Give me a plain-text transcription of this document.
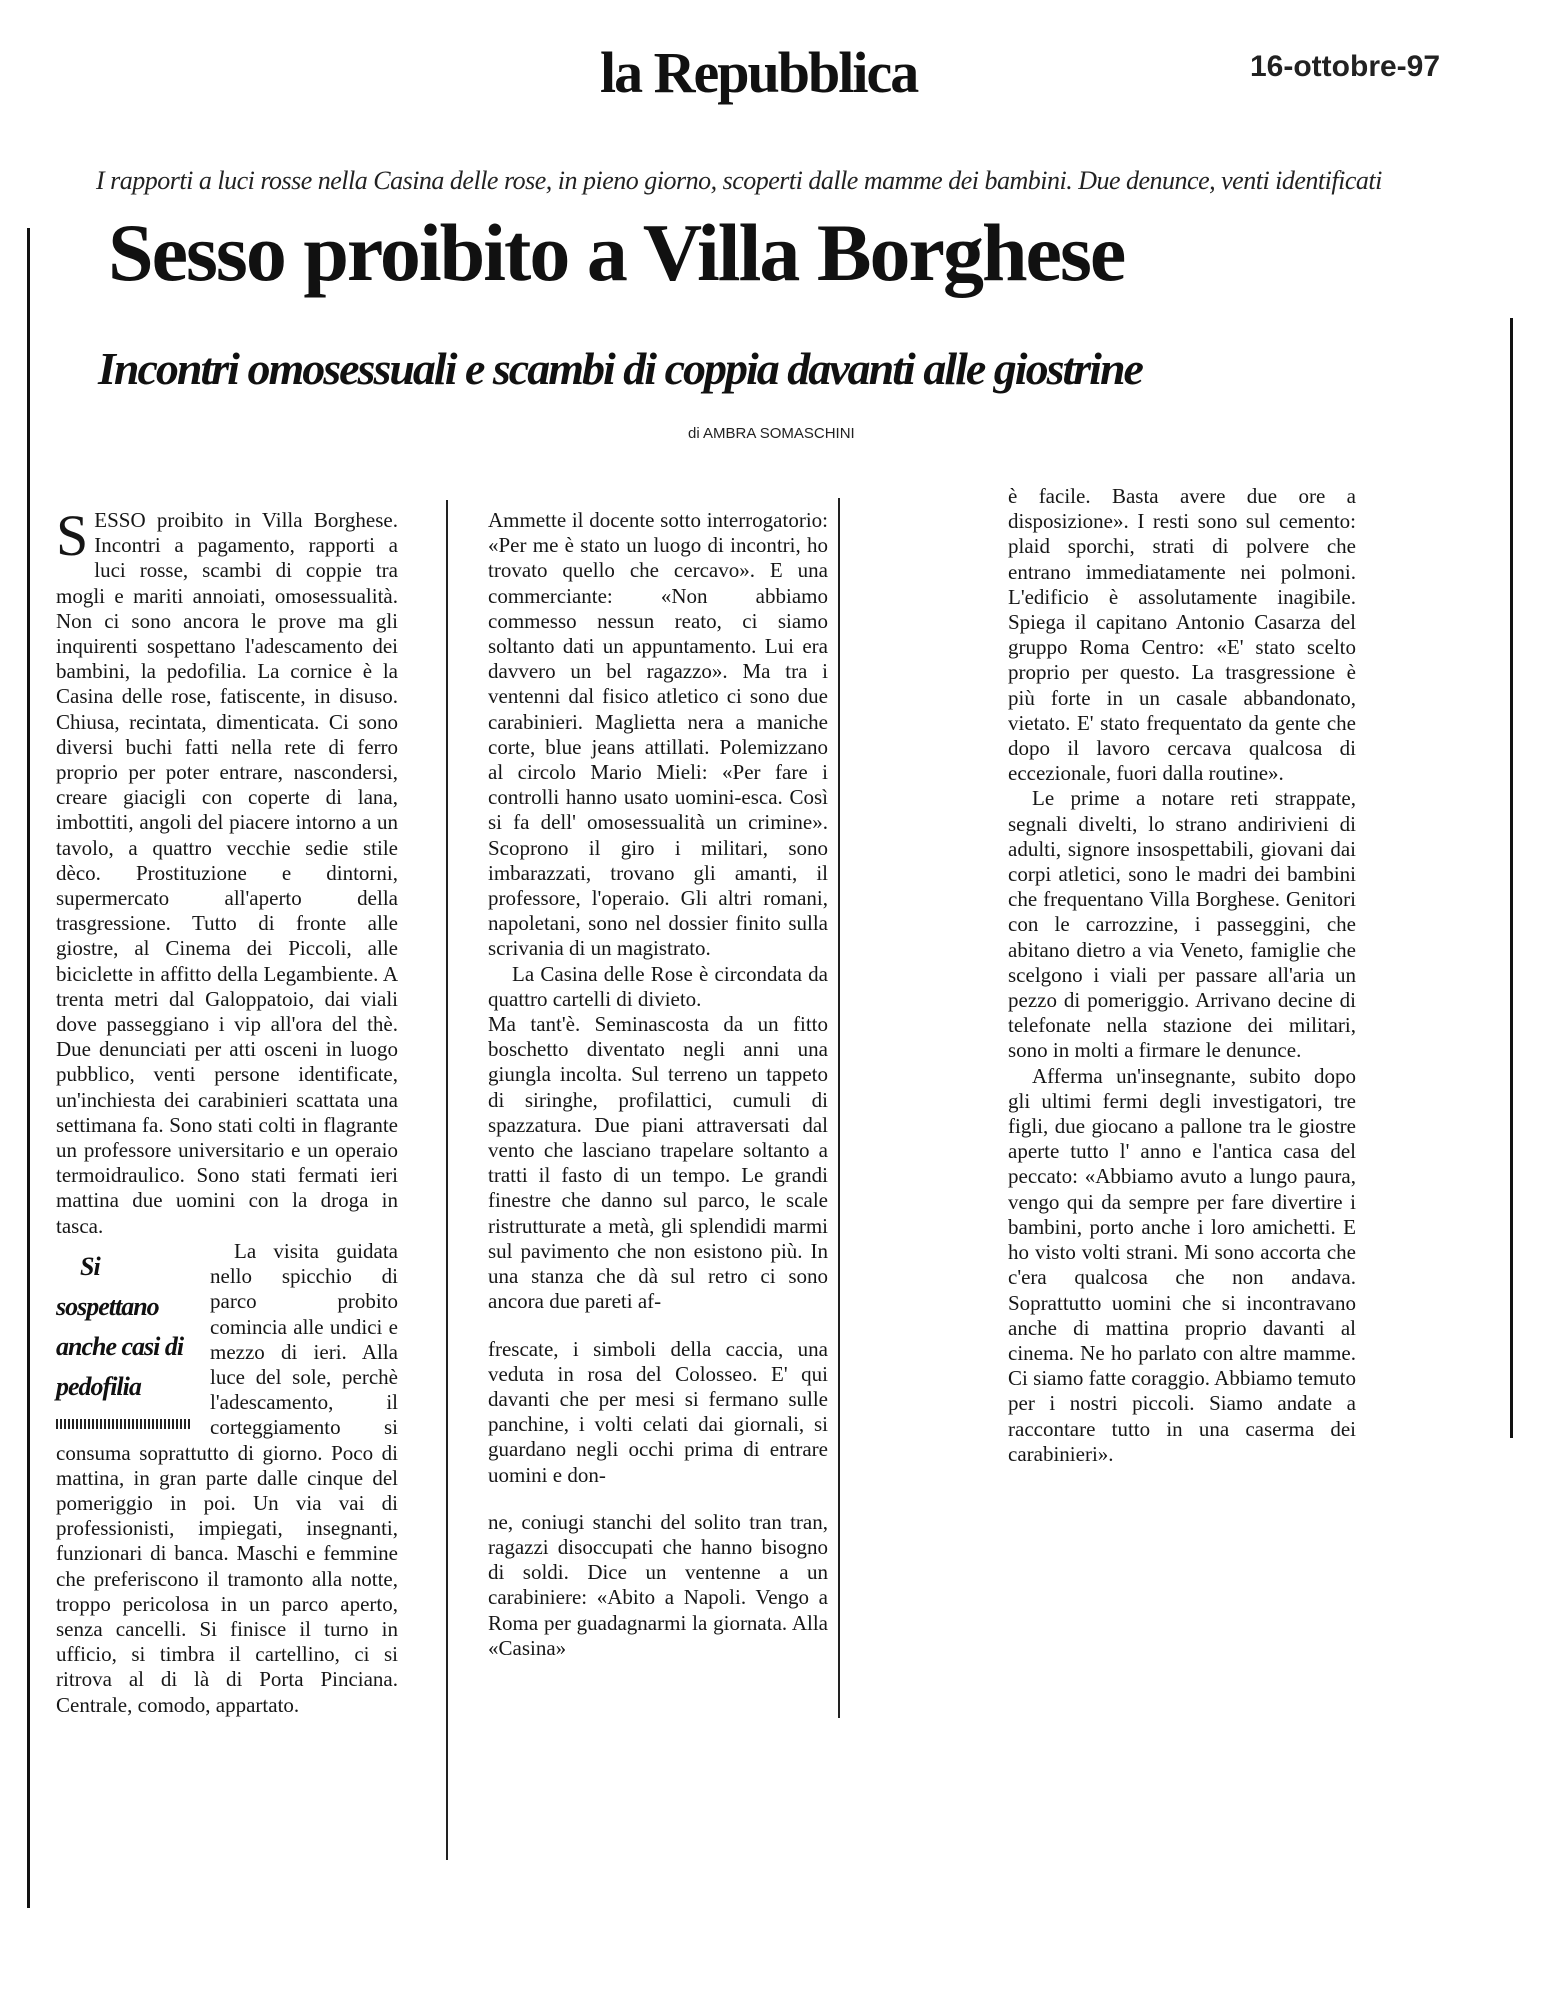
la Repubblica	16-ottobre-97
I rapporti a luci rosse nella Casina delle rose, in pieno giorno, scoperti dalle mamme dei bambini. Due denunce, venti identificati
Sesso proibito a Villa Borghese
Incontri omosessuali e scambi di coppia davanti alle giostrine
di AMBRA SOMASCHINI

SESSO proibito in Villa Borghese. Incontri a pagamento, rapporti a luci rosse, scambi di coppie tra mogli e mariti annoiati, omosessualità. Non ci sono ancora le prove ma gli inquirenti sospettano l'adescamento dei bambini, la pedofilia. La cornice è la Casina delle rose, fatiscente, in disuso. Chiusa, recintata, dimenticata. Ci sono diversi buchi fatti nella rete di ferro proprio per poter entrare, nascondersi, creare giacigli con coperte di lana, imbottiti, angoli del piacere intorno a un tavolo, a quattro vecchie sedie stile dèco. Prostituzione e dintorni, supermercato all'aperto della trasgressione. Tutto di fronte alle giostre, al Cinema dei Piccoli, alle biciclette in affitto della Legambiente. A trenta metri dal Galoppatoio, dai viali dove passeggiano i vip all'ora del thè. Due denunciati per atti osceni in luogo pubblico, venti persone identificate, un'inchiesta dei carabinieri scattata una settimana fa. Sono stati colti in flagrante un professore universitario e un operaio termoidraulico. Sono stati fermati ieri mattina due uomini con la droga in tasca.

Si sospettano anche casi di pedofilia
La visita guidata nello spicchio di parco probito comincia alle undici e mezzo di ieri. Alla luce del sole, perchè l'adescamento, il corteggiamento si consuma soprattutto di giorno. Poco di mattina, in gran parte dalle cinque del pomeriggio in poi. Un via vai di professionisti, impiegati, insegnanti, funzionari di banca. Maschi e femmine che preferiscono il tramonto alla notte, troppo pericolosa in un parco aperto, senza cancelli. Si finisce il turno in ufficio, si timbra il cartellino, ci si ritrova al di là di Porta Pinciana. Centrale, comodo, appartato.

Ammette il docente sotto interrogatorio: «Per me è stato un luogo di incontri, ho trovato quello che cercavo». E una commerciante: «Non abbiamo commesso nessun reato, ci siamo soltanto dati un appuntamento. Lui era davvero un bel ragazzo». Ma tra i ventenni dal fisico atletico ci sono due carabinieri. Maglietta nera a maniche corte, blue jeans attillati. Polemizzano al circolo Mario Mieli: «Per fare i controlli hanno usato uomini-esca. Così si fa dell' omosessualità un crimine». Scoprono il giro i militari, sono imbarazzati, trovano gli amanti, il professore, l'operaio. Gli altri romani, napoletani, sono nel dossier finito sulla scrivania di un magistrato.

La Casina delle Rose è circondata da quattro cartelli di divieto.

Ma tant'è. Seminascosta da un fitto boschetto diventato negli anni una giungla incolta. Sul terreno un tappeto di siringhe, profilattici, cumuli di spazzatura. Due piani attraversati dal vento che lasciano trapelare soltanto a tratti il fasto di un tempo. Le grandi finestre che danno sul parco, le scale ristrutturate a metà, gli splendidi marmi sul pavimento che non esistono più. In una stanza che dà sul retro ci sono ancora due pareti af-

frescate, i simboli della caccia, una veduta in rosa del Colosseo. E' qui davanti che per mesi si fermano sulle panchine, i volti celati dai giornali, si guardano negli occhi prima di entrare uomini e don-

ne, coniugi stanchi del solito tran tran, ragazzi disoccupati che hanno bisogno di soldi. Dice un ventenne a un carabiniere: «Abito a Napoli. Vengo a Roma per guadagnarmi la giornata. Alla «Casina»

è facile. Basta avere due ore a disposizione». I resti sono sul cemento: plaid sporchi, strati di polvere che entrano immediatamente nei polmoni. L'edificio è assolutamente inagibile. Spiega il capitano Antonio Casarza del gruppo Roma Centro: «E' stato scelto proprio per questo. La trasgressione è più forte in un casale abbandonato, vietato. E' stato frequentato da gente che dopo il lavoro cercava qualcosa di eccezionale, fuori dalla routine».

Le prime a notare reti strappate, segnali divelti, lo strano andirivieni di adulti, signore insospettabili, giovani dai corpi atletici, sono le madri dei bambini che frequentano Villa Borghese. Genitori con le carrozzine, i passeggini, che abitano dietro a via Veneto, famiglie che scelgono i viali per passare all'aria un pezzo di pomeriggio. Arrivano decine di telefonate nella stazione dei militari, sono in molti a firmare le denunce.

Afferma un'insegnante, subito dopo gli ultimi fermi degli investigatori, tre figli, due giocano a pallone tra le giostre aperte tutto l' anno e l'antica casa del peccato: «Abbiamo avuto a lungo paura, vengo qui da sempre per fare divertire i bambini, porto anche i loro amichetti. E ho visto volti strani. Mi sono accorta che c'era qualcosa che non andava. Soprattutto uomini che si incontravano anche di mattina proprio davanti al cinema. Ne ho parlato con altre mamme. Ci siamo fatte coraggio. Abbiamo temuto per i nostri piccoli. Siamo andate a raccontare tutto in una caserma dei carabinieri».
